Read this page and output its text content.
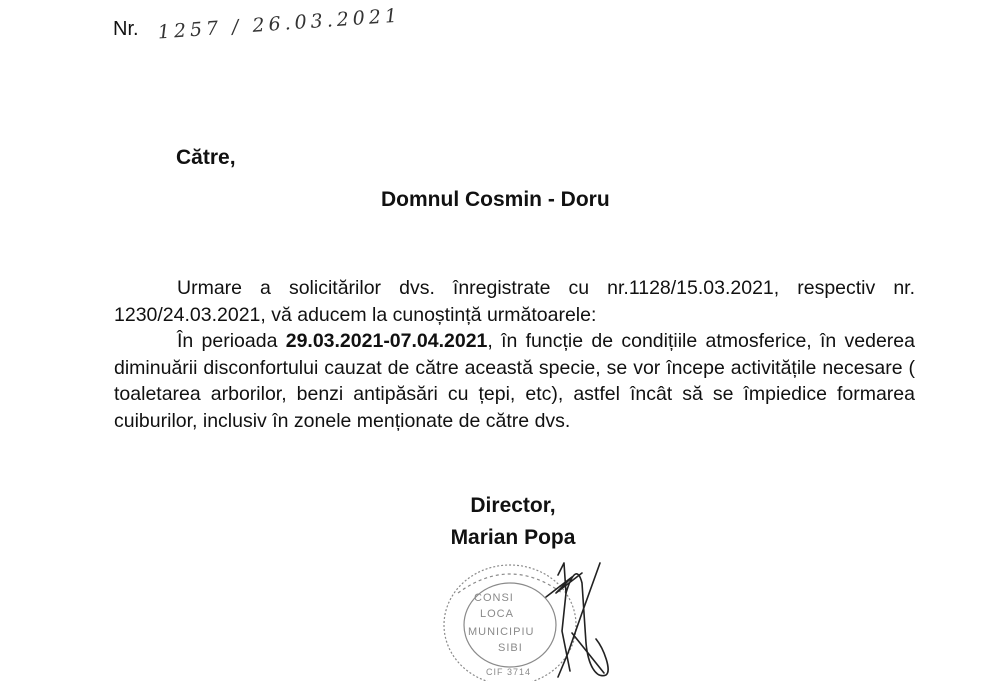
Nr. 1257 / 26.03.2021

Către,

Domnul Cosmin - Doru

Urmare a solicitărilor dvs. înregistrate cu nr.1128/15.03.2021, respectiv nr. 1230/24.03.2021, vă aducem la cunoștință următoarele:

În perioada 29.03.2021-07.04.2021, în funcție de condițiile atmosferice, în vederea diminuării disconfortului cauzat de către această specie, se vor începe activitățile necesare ( toaletarea arborilor, benzi antipăsări cu țepi, etc), astfel încât să se împiedice formarea cuiburilor, inclusiv în zonele menționate de către dvs.

Director,
Marian Popa
CONSI
LOCA
MUNICIPIU
SIBI
CIF 3714
